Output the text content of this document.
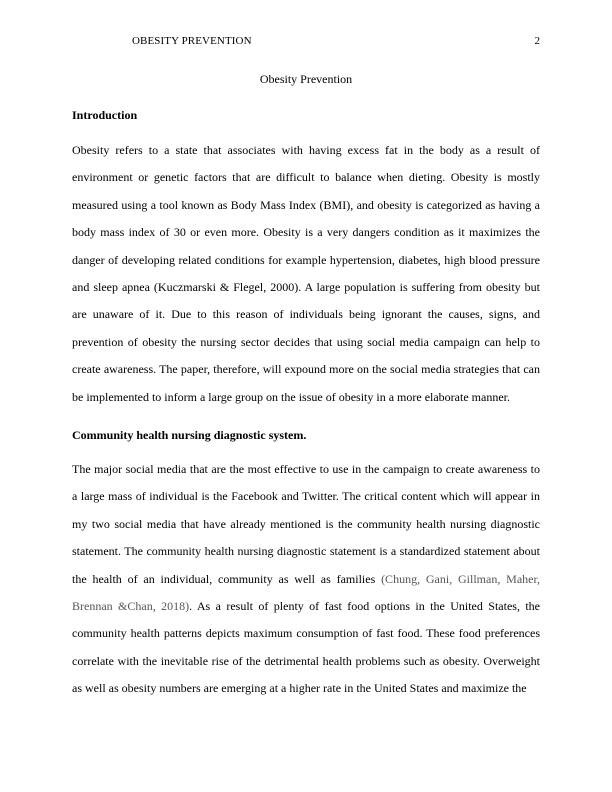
OBESITY PREVENTION	2
Obesity Prevention
Introduction

Obesity refers to a state that associates with having excess fat in the body as a result of environment or genetic factors that are difficult to balance when dieting. Obesity is mostly measured using a tool known as Body Mass Index (BMI), and obesity is categorized as having a body mass index of 30 or even more. Obesity is a very dangers condition as it maximizes the danger of developing related conditions for example hypertension, diabetes, high blood pressure and sleep apnea (Kuczmarski & Flegel, 2000). A large population is suffering from obesity but are unaware of it. Due to this reason of individuals being ignorant the causes, signs, and prevention of obesity the nursing sector decides that using social media campaign can help to create awareness. The paper, therefore, will expound more on the social media strategies that can be implemented to inform a large group on the issue of obesity in a more elaborate manner.

Community health nursing diagnostic system.

The major social media that are the most effective to use in the campaign to create awareness to a large mass of individual is the Facebook and Twitter. The critical content which will appear in my two social media that have already mentioned is the community health nursing diagnostic statement. The community health nursing diagnostic statement is a standardized statement about the health of an individual, community as well as families (Chung, Gani, Gillman, Maher, Brennan &Chan, 2018). As a result of plenty of fast food options in the United States, the community health patterns depicts maximum consumption of fast food. These food preferences correlate with the inevitable rise of the detrimental health problems such as obesity. Overweight as well as obesity numbers are emerging at a higher rate in the United States and maximize the
